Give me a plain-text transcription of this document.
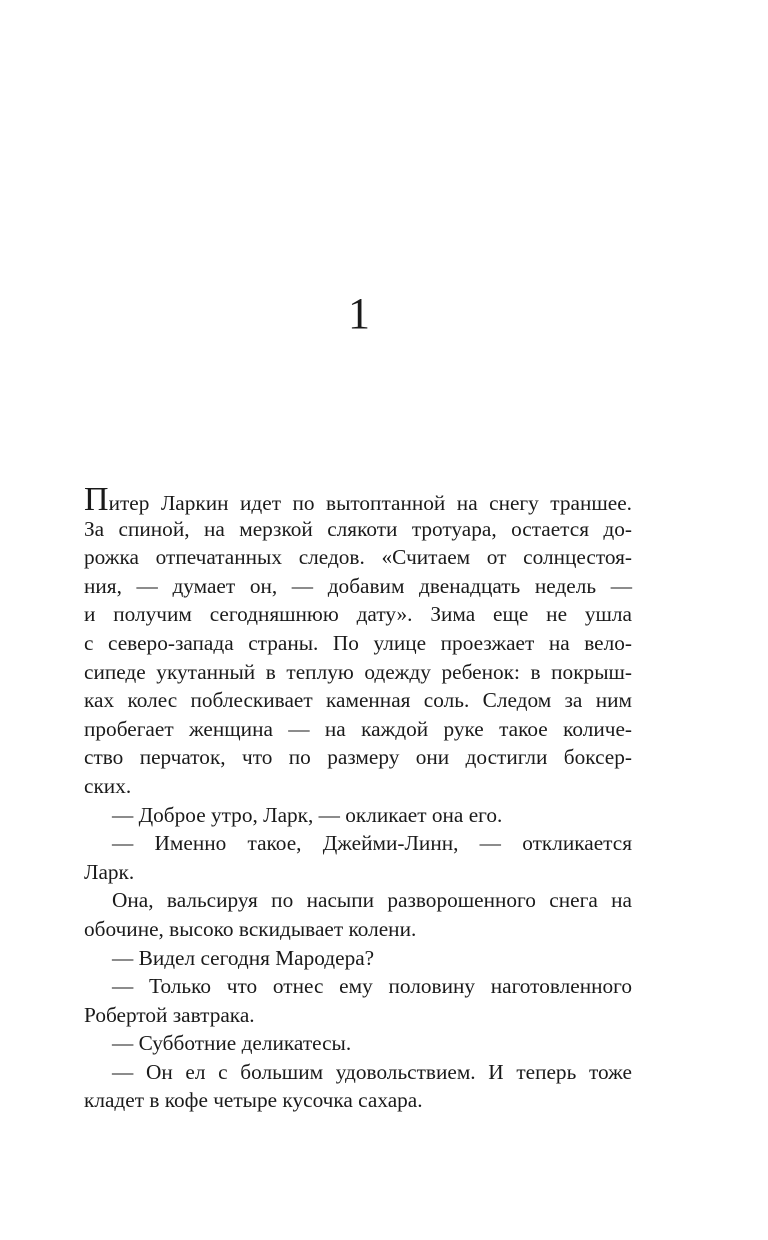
1
Питер Ларкин идет по вытоптанной на снегу траншее.
За спиной, на мерзкой слякоти тротуара, остается до-
рожка отпечатанных следов. «Считаем от солнцестоя-
ния, — думает он, — добавим двенадцать недель —
и получим сегодняшнюю дату». Зима еще не ушла
с северо-запада страны. По улице проезжает на вело-
сипеде укутанный в теплую одежду ребенок: в покрыш-
ках колес поблескивает каменная соль. Следом за ним
пробегает женщина — на каждой руке такое количе-
ство перчаток, что по размеру они достигли боксер-
ских.
— Доброе утро, Ларк, — окликает она его.
— Именно такое, Джейми-Линн, — откликается
Ларк.
Она, вальсируя по насыпи разворошенного снега на
обочине, высоко вскидывает колени.
— Видел сегодня Мародера?
— Только что отнес ему половину наготовленного
Робертой завтрака.
— Субботние деликатесы.
— Он ел с большим удовольствием. И теперь тоже
кладет в кофе четыре кусочка сахара.
